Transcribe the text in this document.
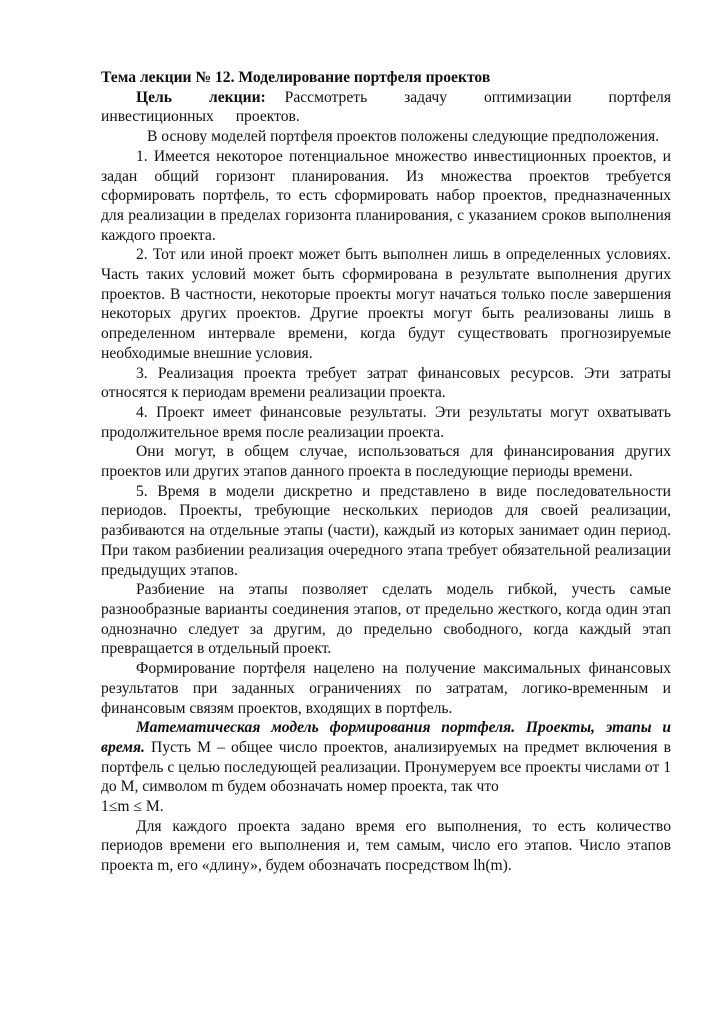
Тема лекции № 12. Моделирование портфеля проектов

Цель лекции: Рассмотреть задачу оптимизации портфеля инвестиционных проектов.

В основу моделей портфеля проектов положены следующие предположения.

1. Имеется некоторое потенциальное множество инвестиционных проектов, и задан общий горизонт планирования. Из множества проектов требуется сформировать портфель, то есть сформировать набор проектов, предназначенных для реализации в пределах горизонта планирования, с указанием сроков выполнения каждого проекта.

2. Тот или иной проект может быть выполнен лишь в определенных условиях. Часть таких условий может быть сформирована в результате выполнения других проектов. В частности, некоторые проекты могут начаться только после завершения некоторых других проектов. Другие проекты могут быть реализованы лишь в определенном интервале времени, когда будут существовать прогнозируемые необходимые внешние условия.

3. Реализация проекта требует затрат финансовых ресурсов. Эти затраты относятся к периодам времени реализации проекта.

4. Проект имеет финансовые результаты. Эти результаты могут охватывать продолжительное время после реализации проекта.

Они могут, в общем случае, использоваться для финансирования других проектов или других этапов данного проекта в последующие периоды времени.

5. Время в модели дискретно и представлено в виде последовательности периодов. Проекты, требующие нескольких периодов для своей реализации, разбиваются на отдельные этапы (части), каждый из которых занимает один период. При таком разбиении реализация очередного этапа требует обязательной реализации предыдущих этапов.

Разбиение на этапы позволяет сделать модель гибкой, учесть самые разнообразные варианты соединения этапов, от предельно жесткого, когда один этап однозначно следует за другим, до предельно свободного, когда каждый этап превращается в отдельный проект.

Формирование портфеля нацелено на получение максимальных финансовых результатов при заданных ограничениях по затратам, логико-временным и финансовым связям проектов, входящих в портфель.

Математическая модель формирования портфеля. Проекты, этапы и время. Пусть М – общее число проектов, анализируемых на предмет включения в портфель с целью последующей реализации. Пронумеруем все проекты числами от 1 до М, символом m будем обозначать номер проекта, так что

1≤m ≤ М.

Для каждого проекта задано время его выполнения, то есть количество периодов времени его выполнения и, тем самым, число его этапов. Число этапов проекта m, его «длину», будем обозначать посредством lh(m).
